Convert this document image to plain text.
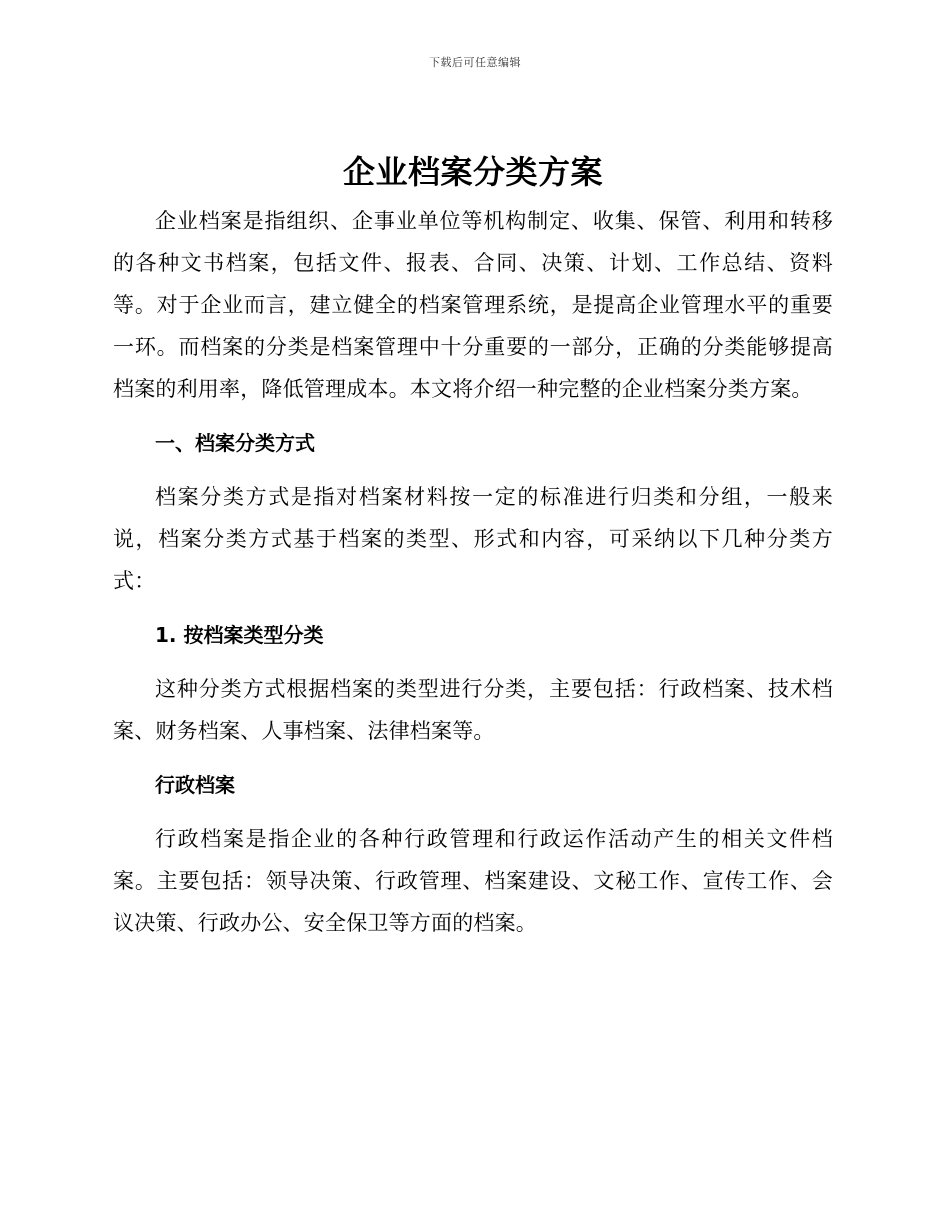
下载后可任意编辑
企业档案分类方案

企业档案是指组织、企事业单位等机构制定、收集、保管、利用和转移的各种文书档案，包括文件、报表、合同、决策、计划、工作总结、资料等。对于企业而言，建立健全的档案管理系统，是提高企业管理水平的重要一环。而档案的分类是档案管理中十分重要的一部分，正确的分类能够提高档案的利用率，降低管理成本。本文将介绍一种完整的企业档案分类方案。

一、档案分类方式

档案分类方式是指对档案材料按一定的标准进行归类和分组，一般来说，档案分类方式基于档案的类型、形式和内容，可采纳以下几种分类方式：

1. 按档案类型分类

这种分类方式根据档案的类型进行分类，主要包括：行政档案、技术档案、财务档案、人事档案、法律档案等。

行政档案

行政档案是指企业的各种行政管理和行政运作活动产生的相关文件档案。主要包括：领导决策、行政管理、档案建设、文秘工作、宣传工作、会议决策、行政办公、安全保卫等方面的档案。
